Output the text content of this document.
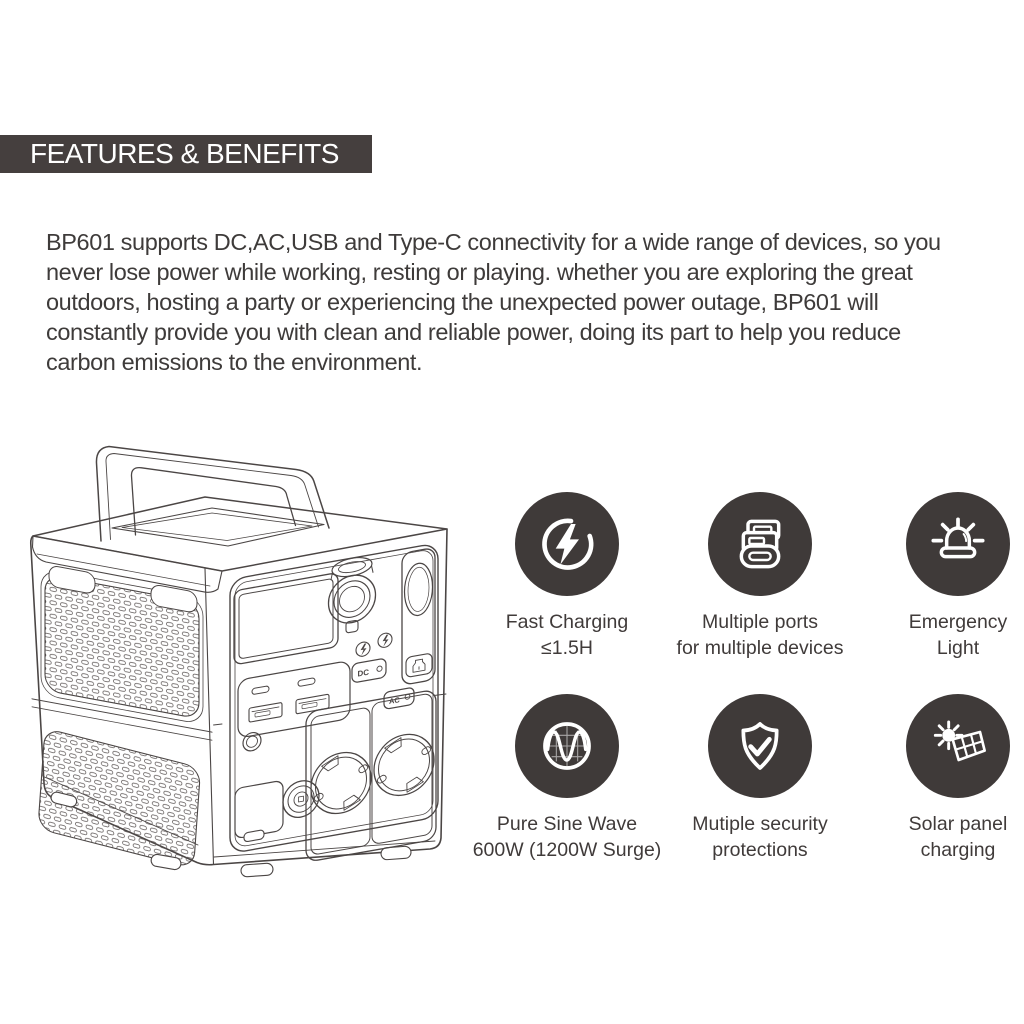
FEATURES & BENEFITS
BP601 supports DC,AC,USB and Type-C connectivity for a wide range of devices, so you
never lose power while working, resting or playing. whether you are exploring the great
outdoors, hosting a party or experiencing the unexpected power outage, BP601 will
constantly provide you with clean and reliable power, doing its part to help you reduce
carbon emissions to the environment.
DC
AC
Fast Charging
≤1.5H
Multiple ports
for multiple devices
Emergency
Light
Pure Sine Wave
600W (1200W Surge)
Mutiple security
protections
Solar panel
charging
